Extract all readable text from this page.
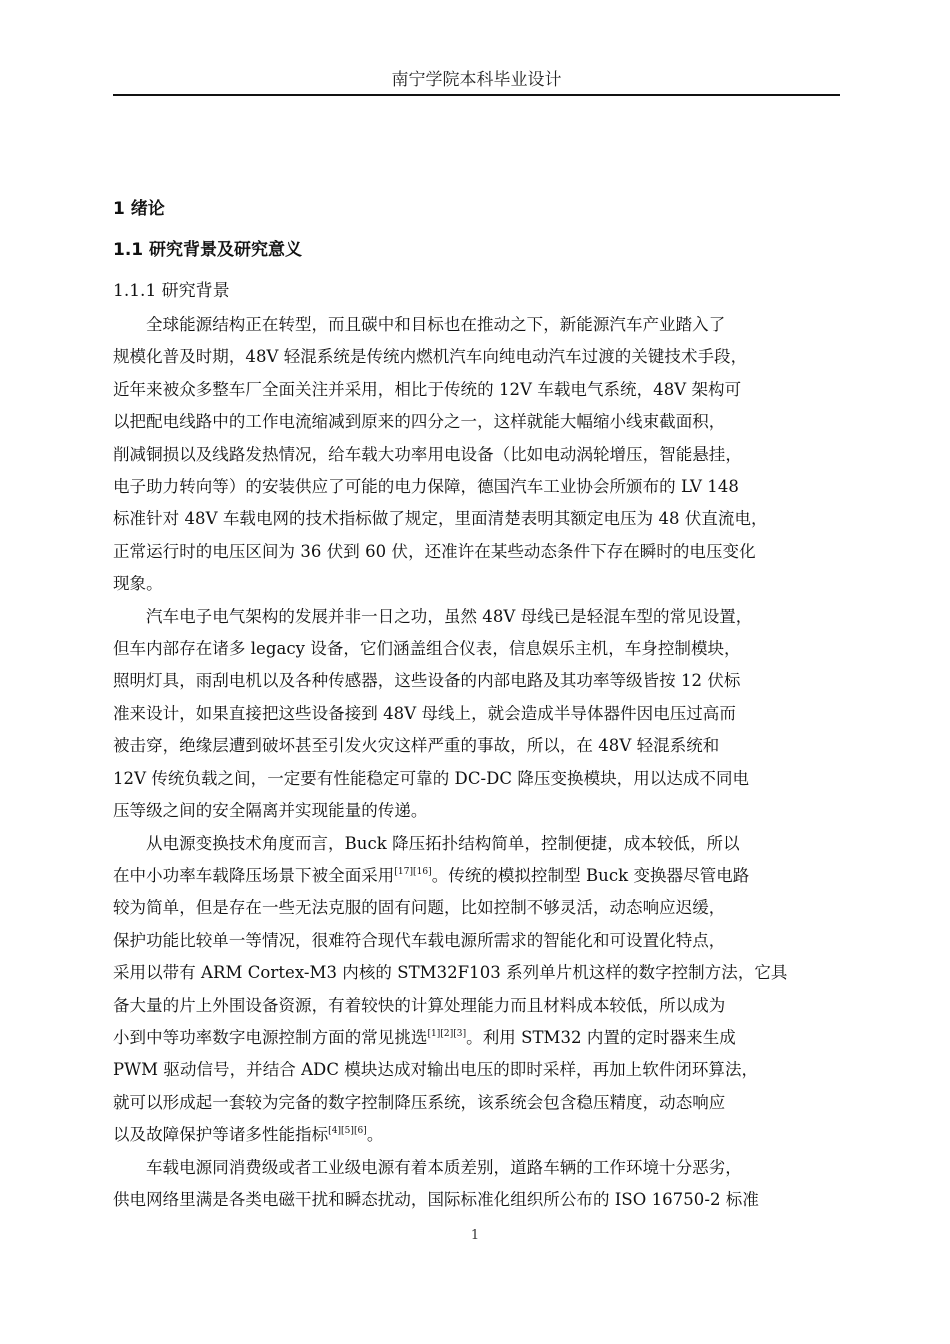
南宁学院本科毕业设计
1 绪论
1.1 研究背景及研究意义
1.1.1 研究背景
全球能源结构正在转型，而且碳中和目标也在推动之下，新能源汽车产业踏入了
规模化普及时期，48V 轻混系统是传统内燃机汽车向纯电动汽车过渡的关键技术手段，
近年来被众多整车厂全面关注并采用，相比于传统的 12V 车载电气系统，48V 架构可
以把配电线路中的工作电流缩减到原来的四分之一，这样就能大幅缩小线束截面积，
削减铜损以及线路发热情况，给车载大功率用电设备（比如电动涡轮增压，智能悬挂，
电子助力转向等）的安装供应了可能的电力保障，德国汽车工业协会所颁布的 LV 148
标准针对 48V 车载电网的技术指标做了规定，里面清楚表明其额定电压为 48 伏直流电，
正常运行时的电压区间为 36 伏到 60 伏，还准许在某些动态条件下存在瞬时的电压变化
现象。
汽车电子电气架构的发展并非一日之功，虽然 48V 母线已是轻混车型的常见设置，
但车内部存在诸多 legacy 设备，它们涵盖组合仪表，信息娱乐主机，车身控制模块，
照明灯具，雨刮电机以及各种传感器，这些设备的内部电路及其功率等级皆按 12 伏标
准来设计，如果直接把这些设备接到 48V 母线上，就会造成半导体器件因电压过高而
被击穿，绝缘层遭到破坏甚至引发火灾这样严重的事故，所以，在 48V 轻混系统和
12V 传统负载之间，一定要有性能稳定可靠的 DC-DC 降压变换模块，用以达成不同电
压等级之间的安全隔离并实现能量的传递。
从电源变换技术角度而言，Buck 降压拓扑结构简单，控制便捷，成本较低，所以
在中小功率车载降压场景下被全面采用[17][16]。传统的模拟控制型 Buck 变换器尽管电路
较为简单，但是存在一些无法克服的固有问题，比如控制不够灵活，动态响应迟缓，
保护功能比较单一等情况，很难符合现代车载电源所需求的智能化和可设置化特点，
采用以带有 ARM Cortex-M3 内核的 STM32F103 系列单片机这样的数字控制方法，它具
备大量的片上外围设备资源，有着较快的计算处理能力而且材料成本较低，所以成为
小到中等功率数字电源控制方面的常见挑选[1][2][3]。利用 STM32 内置的定时器来生成
PWM 驱动信号，并结合 ADC 模块达成对输出电压的即时采样，再加上软件闭环算法，
就可以形成起一套较为完备的数字控制降压系统，该系统会包含稳压精度，动态响应
以及故障保护等诸多性能指标[4][5][6]。
车载电源同消费级或者工业级电源有着本质差别，道路车辆的工作环境十分恶劣，
供电网络里满是各类电磁干扰和瞬态扰动，国际标准化组织所公布的 ISO 16750-2 标准
1
